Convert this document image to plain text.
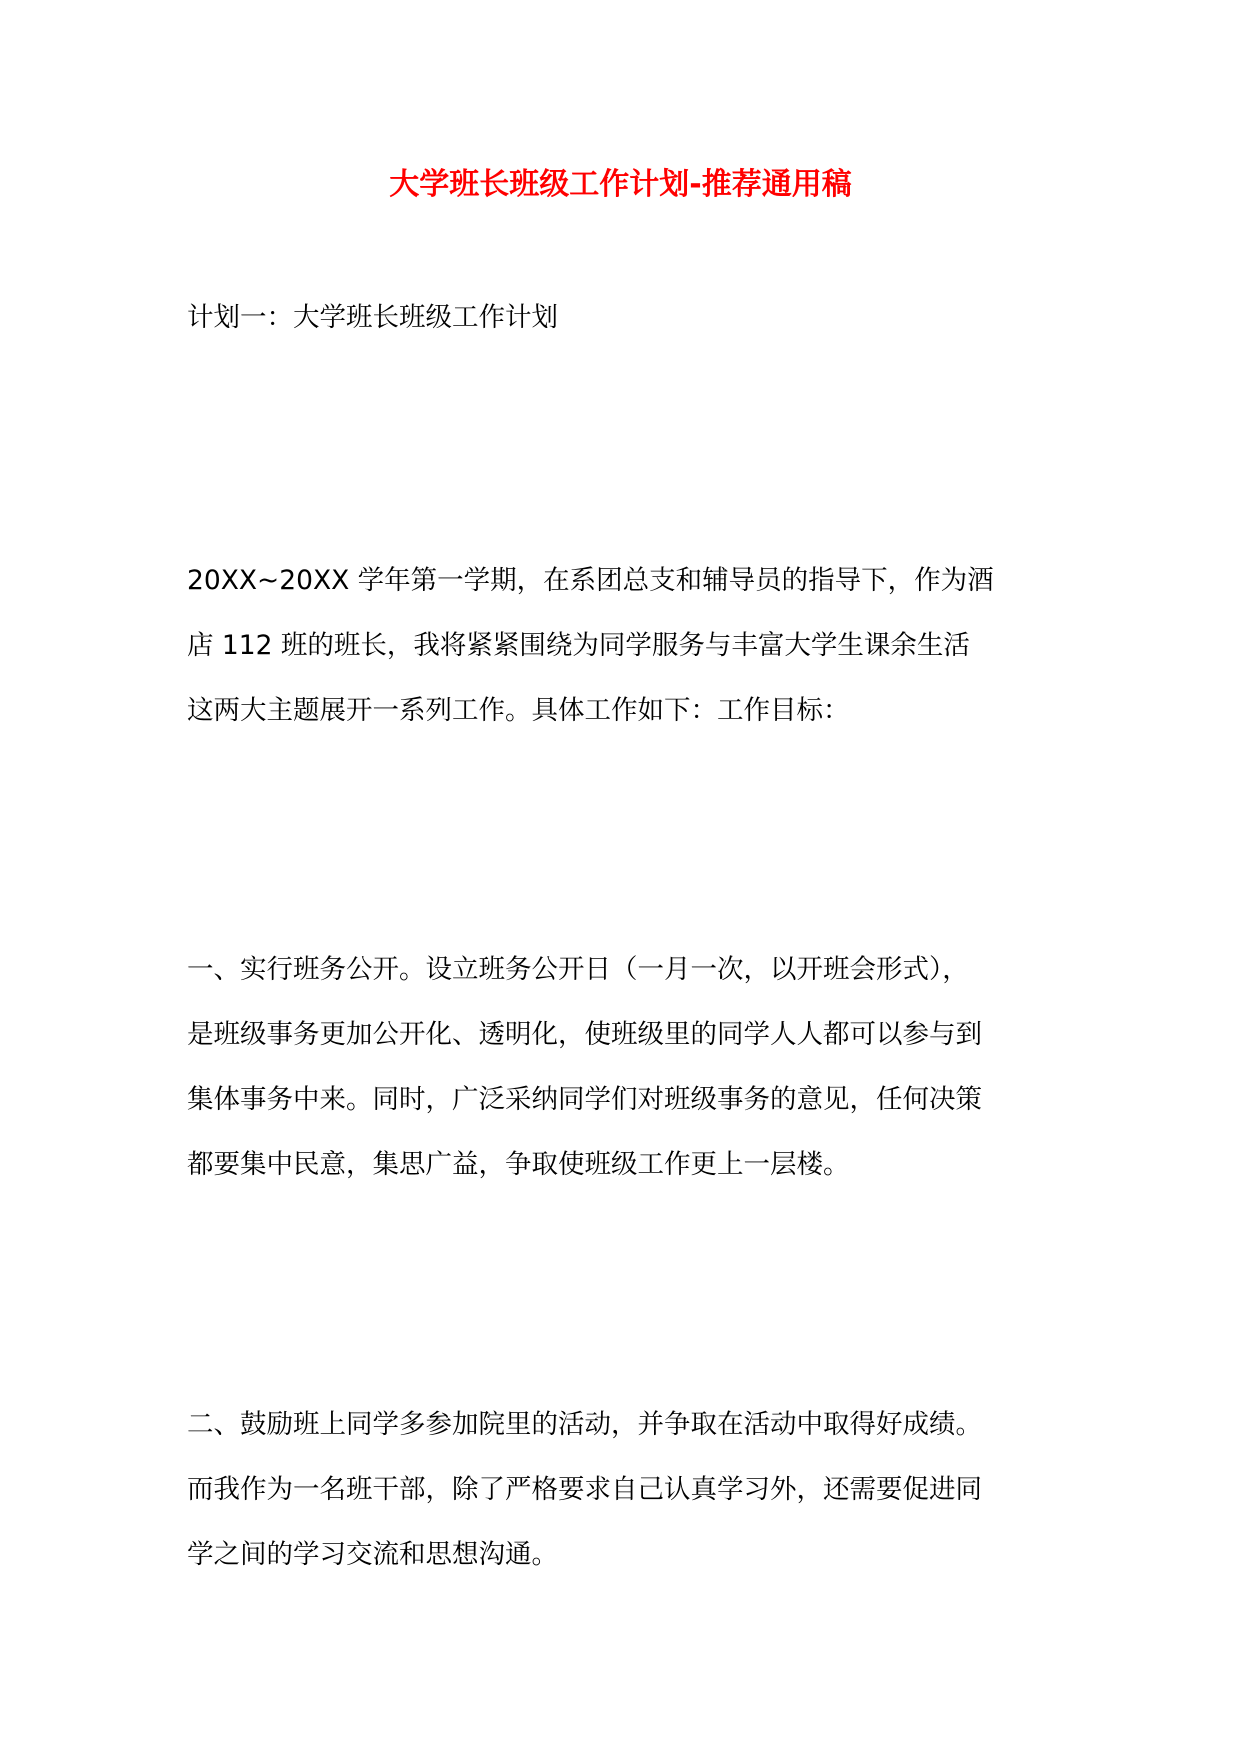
大学班长班级工作计划-推荐通用稿

计划一：大学班长班级工作计划

20XX~20XX 学年第一学期，在系团总支和辅导员的指导下，作为酒
店 112 班的班长，我将紧紧围绕为同学服务与丰富大学生课余生活
这两大主题展开一系列工作。具体工作如下：工作目标：

一、实行班务公开。设立班务公开日（一月一次，以开班会形式），
是班级事务更加公开化、透明化，使班级里的同学人人都可以参与到
集体事务中来。同时，广泛采纳同学们对班级事务的意见，任何决策
都要集中民意，集思广益，争取使班级工作更上一层楼。

二、鼓励班上同学多参加院里的活动，并争取在活动中取得好成绩。
而我作为一名班干部，除了严格要求自己认真学习外，还需要促进同
学之间的学习交流和思想沟通。
